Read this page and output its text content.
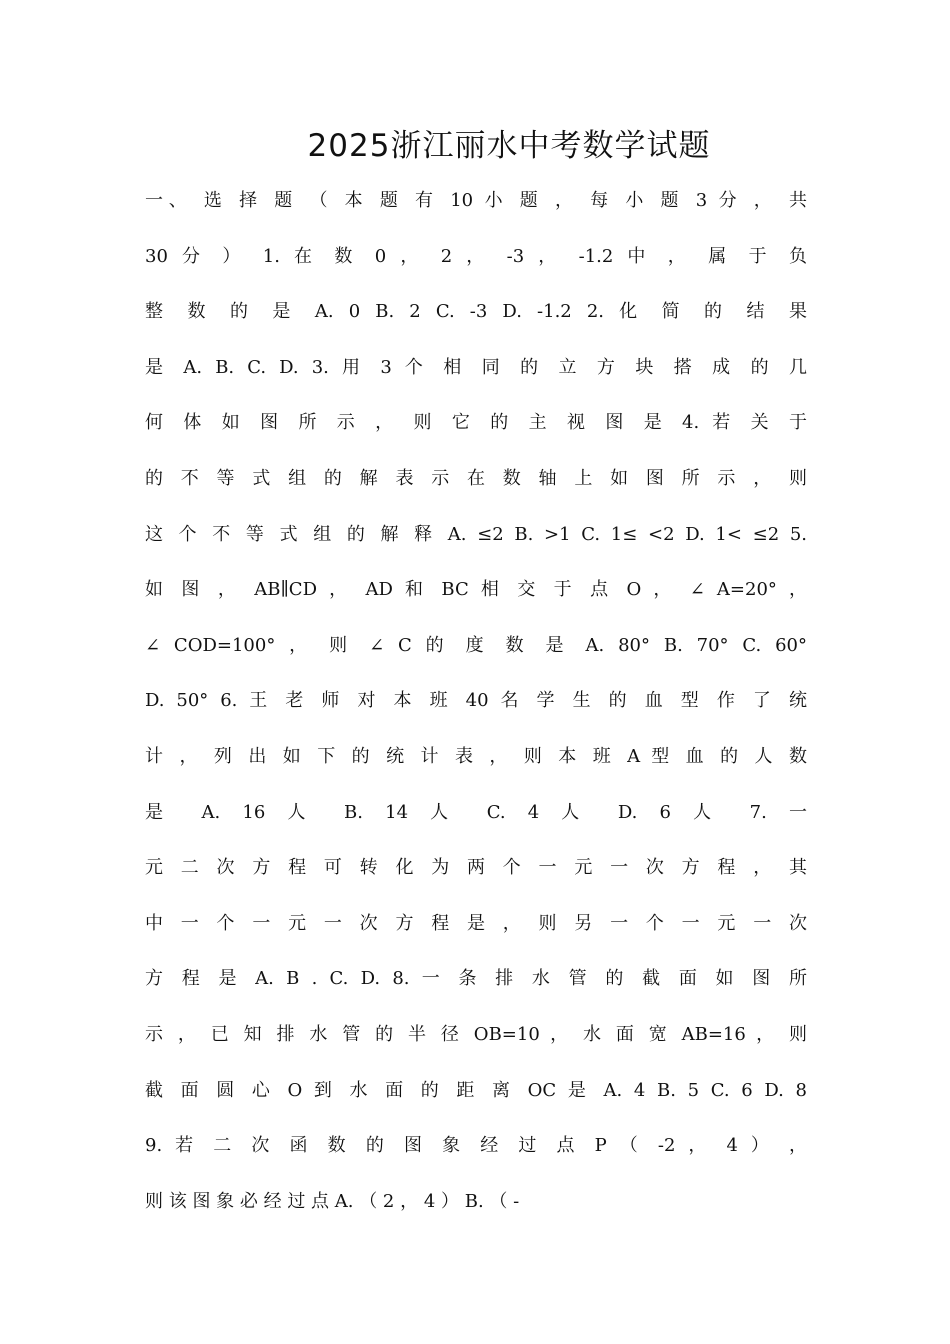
2025浙江丽水中考数学试题
一、 选 择 题 （ 本 题 有 10 小 题 ， 每 小 题 3 分 ， 共
30 分 ） 1. 在 数 0 ， 2 ， -3 ， -1.2 中 ， 属 于 负
整 数 的 是 A. 0 B. 2 C. -3 D. -1.2 2. 化 简 的 结 果
是 A. B. C. D. 3. 用 3 个 相 同 的 立 方 块 搭 成 的 几
何 体 如 图 所 示 ， 则 它 的 主 视 图 是 4. 若 关 于
的 不 等 式 组 的 解 表 示 在 数 轴 上 如 图 所 示 ， 则
这 个 不 等 式 组 的 解 释 A. ≤2 B. >1 C. 1≤ <2 D. 1< ≤2 5.
如 图 ， AB∥CD ， AD 和 BC 相 交 于 点 O ， ∠ A=20° ，
∠ COD=100° ， 则 ∠ C 的 度 数 是 A. 80° B. 70° C. 60°
D. 50° 6. 王 老 师 对 本 班 40 名 学 生 的 血 型 作 了 统
计 ， 列 出 如 下 的 统 计 表 ， 则 本 班 A 型 血 的 人 数
是 A. 16 人 B. 14 人 C. 4 人 D. 6 人 7. 一
元 二 次 方 程 可 转 化 为 两 个 一 元 一 次 方 程 ， 其
中 一 个 一 元 一 次 方 程 是 ， 则 另 一 个 一 元 一 次
方 程 是 A. B . C. D. 8. 一 条 排 水 管 的 截 面 如 图 所
示 ， 已 知 排 水 管 的 半 径 OB=10 ， 水 面 宽 AB=16 ， 则
截 面 圆 心 O 到 水 面 的 距 离 OC 是 A. 4 B. 5 C. 6 D. 8
9. 若 二 次 函 数 的 图 象 经 过 点 P （ -2 ， 4 ） ，
则 该 图 象 必 经 过 点 A. （ 2 ， 4 ） B. （ -
